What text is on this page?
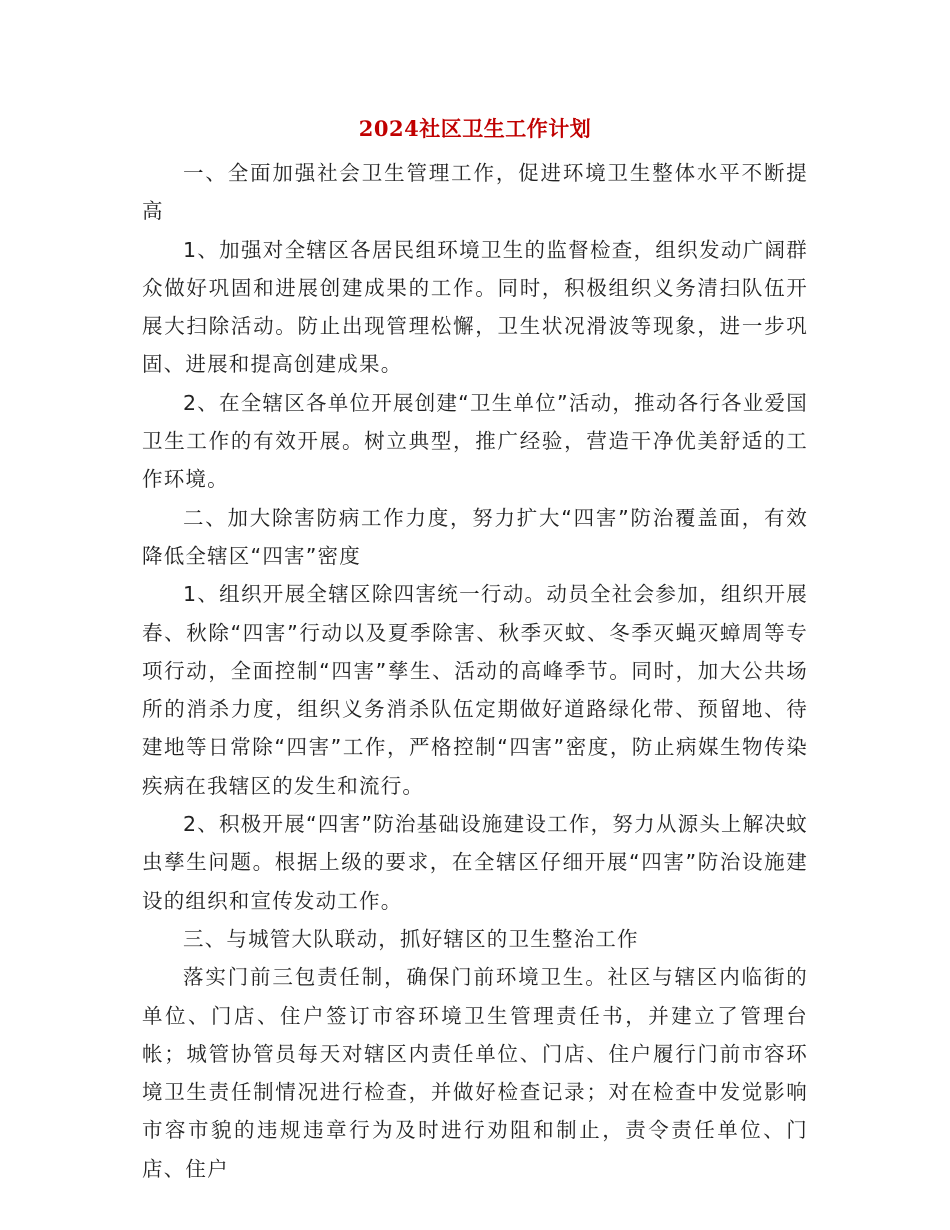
2024社区卫生工作计划

一、全面加强社会卫生管理工作，促进环境卫生整体水平不断提高

1、加强对全辖区各居民组环境卫生的监督检查，组织发动广阔群众做好巩固和进展创建成果的工作。同时，积极组织义务清扫队伍开展大扫除活动。防止出现管理松懈，卫生状况滑波等现象，进一步巩固、进展和提高创建成果。

2、在全辖区各单位开展创建“卫生单位”活动，推动各行各业爱国卫生工作的有效开展。树立典型，推广经验，营造干净优美舒适的工作环境。

二、加大除害防病工作力度，努力扩大“四害”防治覆盖面，有效降低全辖区“四害”密度

1、组织开展全辖区除四害统一行动。动员全社会参加，组织开展春、秋除“四害”行动以及夏季除害、秋季灭蚊、冬季灭蝇灭蟑周等专项行动，全面控制“四害”孳生、活动的高峰季节。同时，加大公共场所的消杀力度，组织义务消杀队伍定期做好道路绿化带、预留地、待建地等日常除“四害”工作，严格控制“四害”密度，防止病媒生物传染疾病在我辖区的发生和流行。

2、积极开展“四害”防治基础设施建设工作，努力从源头上解决蚊虫孳生问题。根据上级的要求，在全辖区仔细开展“四害”防治设施建设的组织和宣传发动工作。

三、与城管大队联动，抓好辖区的卫生整治工作

落实门前三包责任制，确保门前环境卫生。社区与辖区内临街的单位、门店、住户签订市容环境卫生管理责任书，并建立了管理台帐；城管协管员每天对辖区内责任单位、门店、住户履行门前市容环境卫生责任制情况进行检查，并做好检查记录；对在检查中发觉影响市容市貌的违规违章行为及时进行劝阻和制止，责令责任单位、门店、住户
